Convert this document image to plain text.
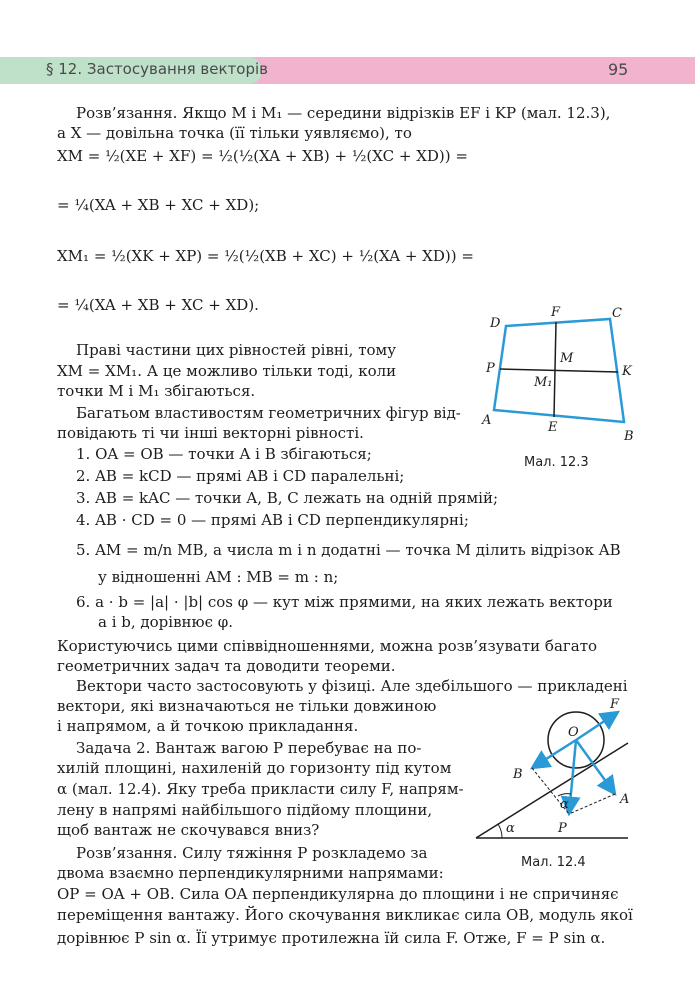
§ 12. Застосування векторів	95
Розв’язання. Якщо M і M₁ — середини відрізків EF і KP (мал. 12.3),
а X — довільна точка (її тільки уявляємо), то
XM = ½(XE + XF) = ½(½(XA + XB) + ½(XC + XD)) =
= ¼(XA + XB + XC + XD);
XM₁ = ½(XK + XP) = ½(½(XB + XC) + ½(XA + XD)) =
= ¼(XA + XB + XC + XD).
Праві частини цих рівностей рівні, тому
XM = XM₁. А це можливо тільки тоді, коли
точки M і M₁ збігаються.
Багатьом властивостям геометричних фігур від-
повідають ті чи інші векторні рівності.
1. OA = OB — точки A і B збігаються;
2. AB = kCD — прямі AB і CD паралельні;
3. AB = kAC — точки A, B, C лежать на одній прямій;
4. AB · CD = 0 — прямі AB і CD перпендикулярні;
5. AM = m/n MB, а числа m і n додатні — точка M ділить відрізок AB
у відношенні AM : MB = m : n;
6. a · b = |a| · |b| cos φ — кут між прямими, на яких лежать вектори
a і b, дорівнює φ.
Користуючись цими співвідношеннями, можна розв’язувати багато
геометричних задач та доводити теореми.
Вектори часто застосовують у фізиці. Але здебільшого — прикладені
вектори, які визначаються не тільки довжиною
і напрямом, а й точкою прикладання.
Задача 2. Вантаж вагою P перебуває на по-
хилій площині, нахиленій до горизонту під кутом
α (мал. 12.4). Яку треба прикласти силу F, напрям-
лену в напрямі найбільшого підйому площини,
щоб вантаж не скочувався вниз?
Розв’язання. Силу тяжіння P розкладемо за
двома взаємно перпендикулярними напрямами:
OP = OA + OB. Сила OA перпендикулярна до площини і не спричиняє
переміщення вантажу. Його скочування викликає сила OB, модуль якої
дорівнює P sin α. Її утримує протилежна їй сила F. Отже, F = P sin α.
D
F	C
M
P	K
M₁
A	E
B
Мал. 12.3
F
O
B
A
P
α
α
Мал. 12.4
